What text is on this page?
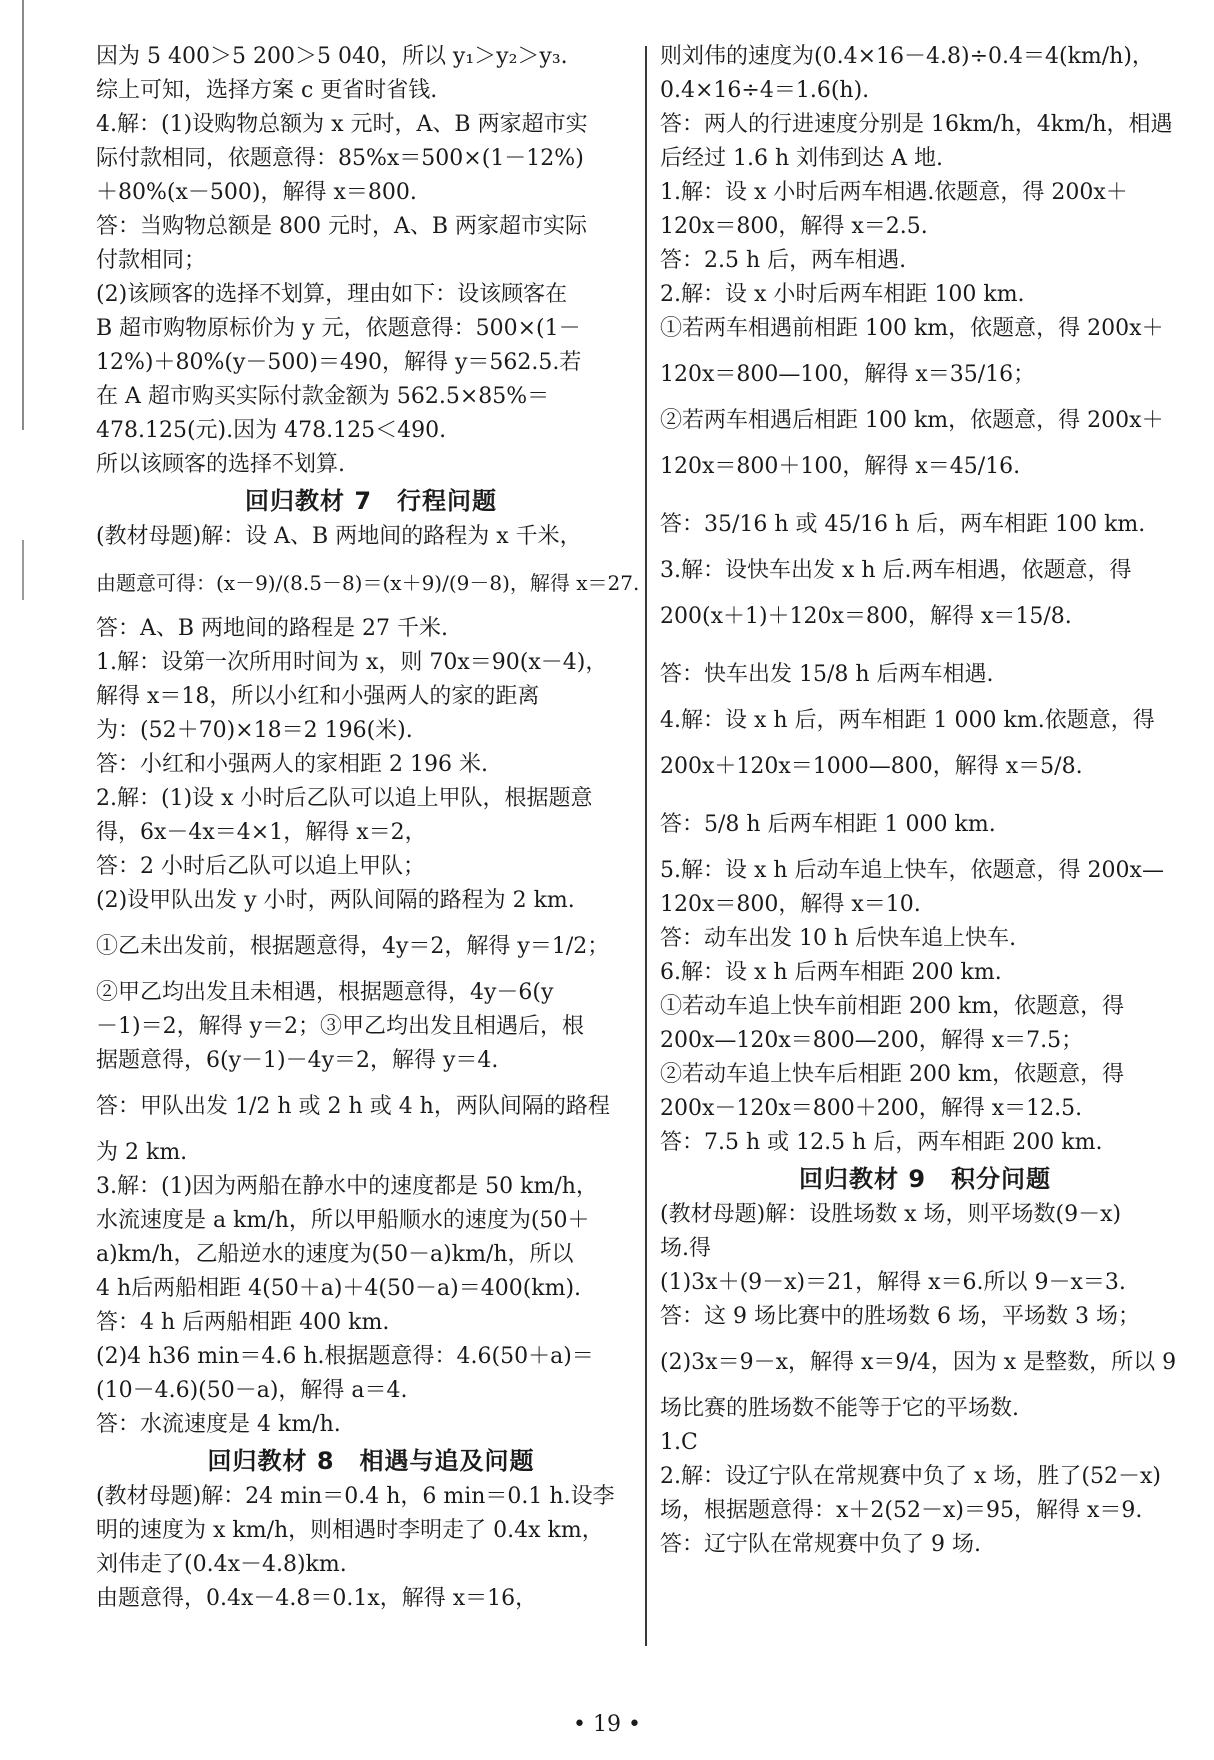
因为 5 400＞5 200＞5 040，所以 y₁＞y₂＞y₃.
综上可知，选择方案 c 更省时省钱.
4.解：(1)设购物总额为 x 元时，A、B 两家超市实
际付款相同，依题意得：85%x＝500×(1－12%)
＋80%(x－500)，解得 x＝800.
答：当购物总额是 800 元时，A、B 两家超市实际
付款相同；
(2)该顾客的选择不划算，理由如下：设该顾客在
B 超市购物原标价为 y 元，依题意得：500×(1－
12%)＋80%(y－500)＝490，解得 y＝562.5.若
在 A 超市购买实际付款金额为 562.5×85%＝
478.125(元).因为 478.125＜490.
所以该顾客的选择不划算.
回归教材 7　行程问题
(教材母题)解：设 A、B 两地间的路程为 x 千米，
由题意可得：(x－9)/(8.5－8)＝(x＋9)/(9－8)，解得 x＝27.
答：A、B 两地间的路程是 27 千米.
1.解：设第一次所用时间为 x，则 70x＝90(x－4)，
解得 x＝18，所以小红和小强两人的家的距离
为：(52＋70)×18＝2 196(米).
答：小红和小强两人的家相距 2 196 米.
2.解：(1)设 x 小时后乙队可以追上甲队，根据题意
得，6x－4x＝4×1，解得 x＝2，
答：2 小时后乙队可以追上甲队；
(2)设甲队出发 y 小时，两队间隔的路程为 2 km.
①乙未出发前，根据题意得，4y＝2，解得 y＝1/2；
②甲乙均出发且未相遇，根据题意得，4y－6(y
－1)＝2，解得 y＝2；③甲乙均出发且相遇后，根
据题意得，6(y－1)－4y＝2，解得 y＝4.
答：甲队出发 1/2 h 或 2 h 或 4 h，两队间隔的路程
为 2 km.
3.解：(1)因为两船在静水中的速度都是 50 km/h，
水流速度是 a km/h，所以甲船顺水的速度为(50＋
a)km/h，乙船逆水的速度为(50－a)km/h，所以
4 h后两船相距 4(50＋a)＋4(50－a)＝400(km).
答：4 h 后两船相距 400 km.
(2)4 h36 min＝4.6 h.根据题意得：4.6(50＋a)＝
(10－4.6)(50－a)，解得 a＝4.
答：水流速度是 4 km/h.
回归教材 8　相遇与追及问题
(教材母题)解：24 min＝0.4 h，6 min＝0.1 h.设李
明的速度为 x km/h，则相遇时李明走了 0.4x km，
刘伟走了(0.4x－4.8)km.
由题意得，0.4x－4.8＝0.1x，解得 x＝16，
则刘伟的速度为(0.4×16－4.8)÷0.4＝4(km/h)，
0.4×16÷4＝1.6(h).
答：两人的行进速度分别是 16km/h，4km/h，相遇
后经过 1.6 h 刘伟到达 A 地.
1.解：设 x 小时后两车相遇.依题意，得 200x＋
120x＝800，解得 x＝2.5.
答：2.5 h 后，两车相遇.
2.解：设 x 小时后两车相距 100 km.
①若两车相遇前相距 100 km，依题意，得 200x＋
120x＝800—100，解得 x＝35/16；
②若两车相遇后相距 100 km，依题意，得 200x＋
120x＝800＋100，解得 x＝45/16.
答：35/16 h 或 45/16 h 后，两车相距 100 km.
3.解：设快车出发 x h 后.两车相遇，依题意，得
200(x＋1)＋120x＝800，解得 x＝15/8.
答：快车出发 15/8 h 后两车相遇.
4.解：设 x h 后，两车相距 1 000 km.依题意，得
200x＋120x＝1000—800，解得 x＝5/8.
答：5/8 h 后两车相距 1 000 km.
5.解：设 x h 后动车追上快车，依题意，得 200x—
120x＝800，解得 x＝10.
答：动车出发 10 h 后快车追上快车.
6.解：设 x h 后两车相距 200 km.
①若动车追上快车前相距 200 km，依题意，得
200x—120x＝800—200，解得 x＝7.5；
②若动车追上快车后相距 200 km，依题意，得
200x－120x＝800＋200，解得 x＝12.5.
答：7.5 h 或 12.5 h 后，两车相距 200 km.
回归教材 9　积分问题
(教材母题)解：设胜场数 x 场，则平场数(9－x)
场.得
(1)3x＋(9－x)＝21，解得 x＝6.所以 9－x＝3.
答：这 9 场比赛中的胜场数 6 场，平场数 3 场；
(2)3x＝9－x，解得 x＝9/4，因为 x 是整数，所以 9
场比赛的胜场数不能等于它的平场数.
1.C
2.解：设辽宁队在常规赛中负了 x 场，胜了(52－x)
场，根据题意得：x＋2(52－x)＝95，解得 x＝9.
答：辽宁队在常规赛中负了 9 场.
• 19 •
